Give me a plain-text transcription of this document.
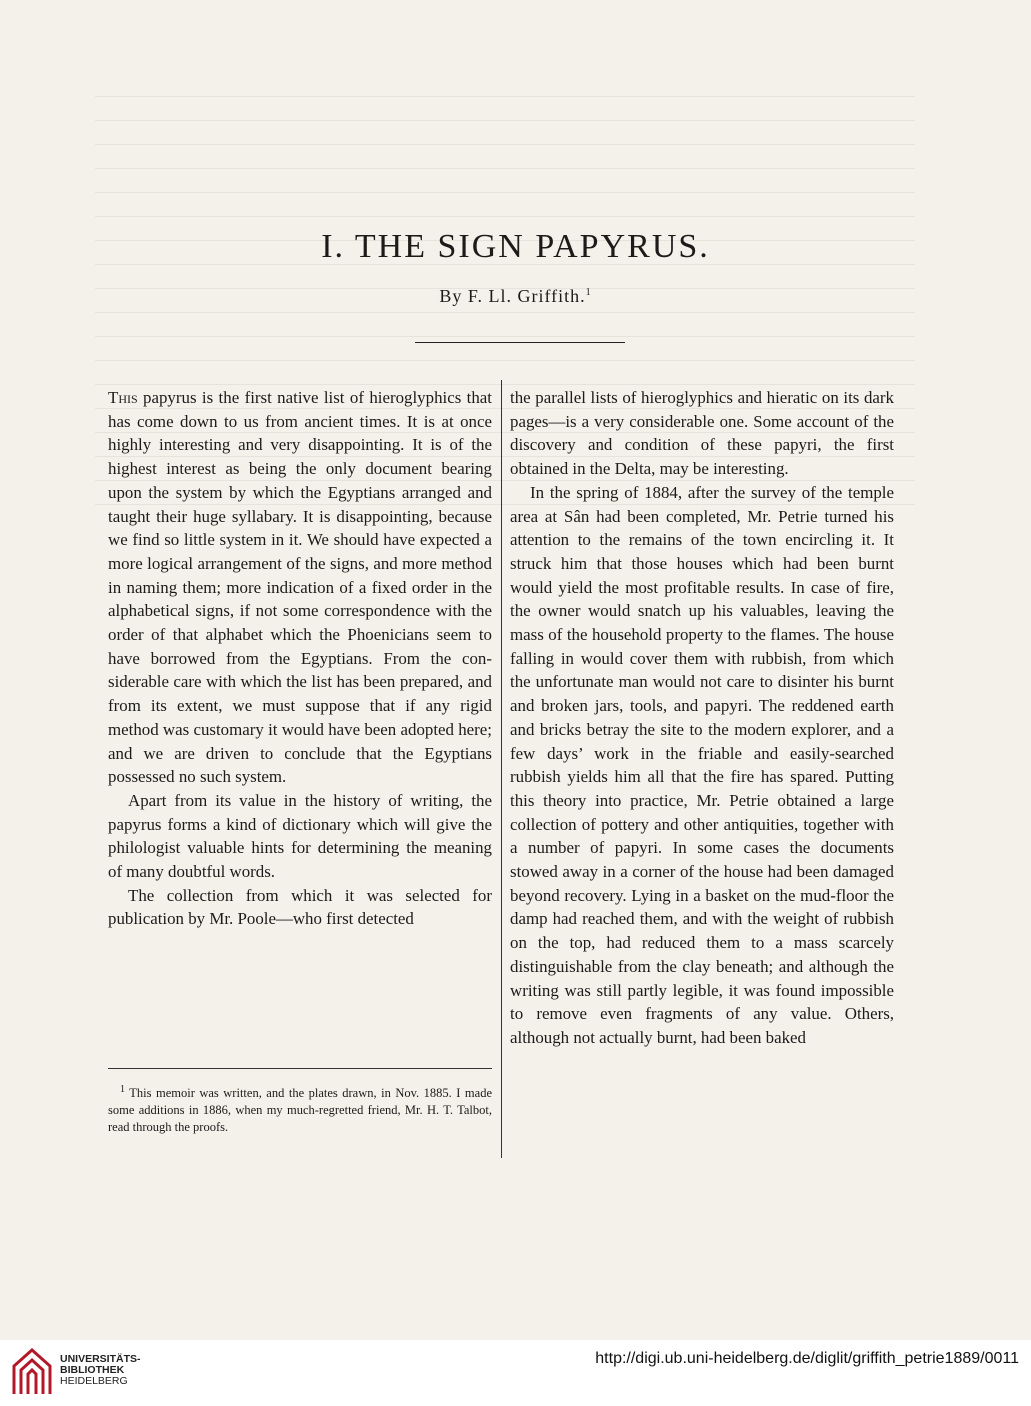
I. THE SIGN PAPYRUS.
By F. Ll. Griffith.$^1$

This papyrus is the first native list of hieroglyphics that has come down to us from ancient times. It is at once highly interesting and very disappointing. It is of the highest interest as being the only document bearing upon the system by which the Egyptians arranged and taught their huge syllabary. It is disappointing, because we find so little system in it. We should have expected a more logical arrangement of the signs, and more method in naming them; more indication of a fixed order in the alphabetical signs, if not some correspondence with the order of that alphabet which the Phoenicians seem to have borrowed from the Egyptians. From the considerable care with which the list has been prepared, and from its extent, we must suppose that if any rigid method was customary it would have been adopted here; and we are driven to conclude that the Egyptians possessed no such system.

Apart from its value in the history of writing, the papyrus forms a kind of dictionary which will give the philologist valuable hints for determining the meaning of many doubtful words.

The collection from which it was selected for publication by Mr. Poole—who first detected

the parallel lists of hieroglyphics and hieratic on its dark pages—is a very considerable one. Some account of the discovery and condition of these papyri, the first obtained in the Delta, may be interesting.

In the spring of 1884, after the survey of the temple area at Sân had been completed, Mr. Petrie turned his attention to the remains of the town encircling it. It struck him that those houses which had been burnt would yield the most profitable results. In case of fire, the owner would snatch up his valuables, leaving the mass of the household property to the flames. The house falling in would cover them with rubbish, from which the unfortunate man would not care to disinter his burnt and broken jars, tools, and papyri. The reddened earth and bricks betray the site to the modern explorer, and a few days’ work in the friable and easily-searched rubbish yields him all that the fire has spared. Putting this theory into practice, Mr. Petrie obtained a large collection of pottery and other antiquities, together with a number of papyri. In some cases the documents stowed away in a corner of the house had been damaged beyond recovery. Lying in a basket on the mud-floor the damp had reached them, and with the weight of rubbish on the top, had reduced them to a mass scarcely distinguishable from the clay beneath; and although the writing was still partly legible, it was found impossible to remove even fragments of any value. Others, although not actually burnt, had been baked

$^1$ This memoir was written, and the plates drawn, in Nov. 1885. I made some additions in 1886, when my much-regretted friend, Mr. H. T. Talbot, read through the proofs.

UNIVERSITÄTS-
BIBLIOTHEK
HEIDELBERG
http://digi.ub.uni-heidelberg.de/diglit/griffith_petrie1889/0011
